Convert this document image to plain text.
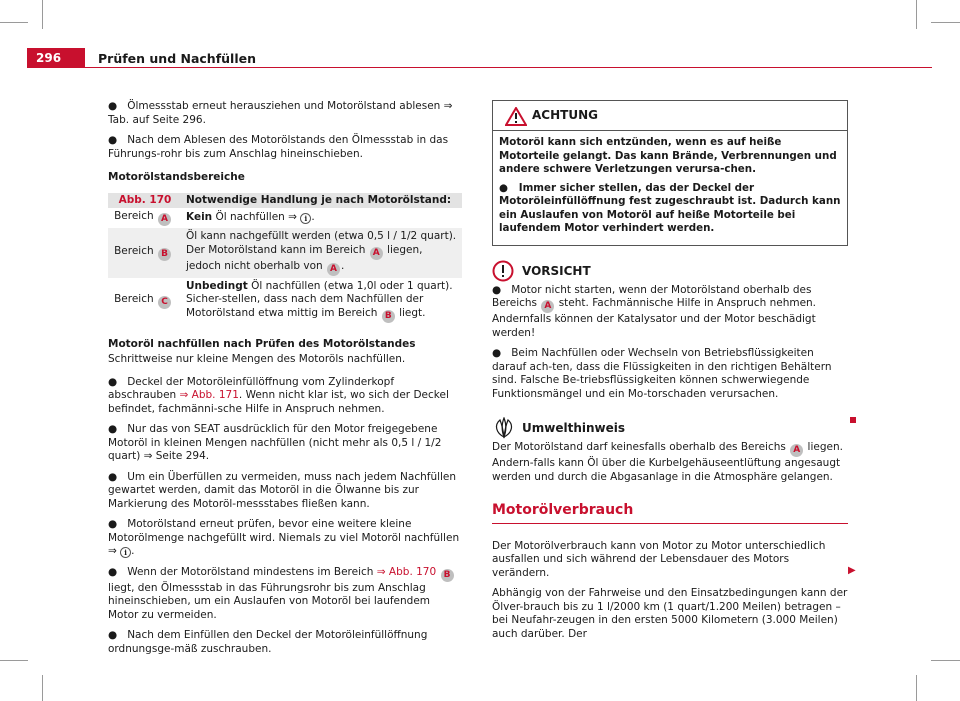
296	Prüfen und Nachfüllen

● Ölmessstab erneut herausziehen und Motorölstand ablesen ⇒ Tab. auf Seite 296.

● Nach dem Ablesen des Motorölstands den Ölmessstab in das Führungs-rohr bis zum Anschlag hineinschieben.

Motorölstandsbereiche

Abb. 170	Notwendige Handlung je nach Motorölstand:
Bereich A	Kein Öl nachfüllen ⇒ i .
Bereich B	Öl kann nachgefüllt werden (etwa 0,5 l / 1/2 quart). Der Motorölstand kann im Bereich A liegen, jedoch nicht oberhalb von A .
Bereich C	Unbedingt Öl nachfüllen (etwa 1,0l oder 1 quart). Sicher-stellen, dass nach dem Nachfüllen der Motorölstand etwa mittig im Bereich B liegt.

Motoröl nachfüllen nach Prüfen des Motorölstandes

Schrittweise nur kleine Mengen des Motoröls nachfüllen.

●   Deckel der Motoröleinfüllöffnung vom Zylinderkopf abschrauben ⇒ Abb. 171. Wenn nicht klar ist, wo sich der Deckel befindet, fachmänni-sche Hilfe in Anspruch nehmen.

●   Nur das von SEAT ausdrücklich für den Motor freigegebene Motoröl in kleinen Mengen nachfüllen (nicht mehr als 0,5 l / 1/2 quart) ⇒ Seite 294.

●   Um ein Überfüllen zu vermeiden, muss nach jedem Nachfüllen gewartet werden, damit das Motoröl in die Ölwanne bis zur Markierung des Motoröl-messstabes fließen kann.

●   Motorölstand erneut prüfen, bevor eine weitere kleine Motorölmenge nachgefüllt wird. Niemals zu viel Motoröl nachfüllen ⇒ i .

●   Wenn der Motorölstand mindestens im Bereich ⇒ Abb. 170 B liegt, den Ölmessstab in das Führungsrohr bis zum Anschlag hineinschieben, um ein Auslaufen von Motoröl bei laufendem Motor zu vermeiden.

●   Nach dem Einfüllen den Deckel der Motoröleinfüllöffnung ordnungsge-mäß zuschrauben.

ACHTUNG

Motoröl kann sich entzünden, wenn es auf heiße Motorteile gelangt. Das kann Brände, Verbrennungen und andere schwere Verletzungen verursa-chen.

●   Immer sicher stellen, das der Deckel der Motoröleinfüllöffnung fest zugeschraubt ist. Dadurch kann ein Auslaufen von Motoröl auf heiße Motorteile bei laufendem Motor verhindert werden.

VORSICHT

●   Motor nicht starten, wenn der Motorölstand oberhalb des Bereichs A steht. Fachmännische Hilfe in Anspruch nehmen. Andernfalls können der Katalysator und der Motor beschädigt werden!

●   Beim Nachfüllen oder Wechseln von Betriebsflüssigkeiten darauf ach-ten, dass die Flüssigkeiten in den richtigen Behältern sind. Falsche Be-triebsflüssigkeiten können schwerwiegende Funktionsmängel und ein Mo-torschaden verursachen.

Umwelthinweis

Der Motorölstand darf keinesfalls oberhalb des Bereichs A liegen. Andern-falls kann Öl über die Kurbelgehäuseentlüftung angesaugt werden und durch die Abgasanlage in die Atmosphäre gelangen.

Motorölverbrauch

Der Motorölverbrauch kann von Motor zu Motor unterschiedlich ausfallen und sich während der Lebensdauer des Motors verändern.

Abhängig von der Fahrweise und den Einsatzbedingungen kann der Ölver-brauch bis zu 1 l/2000 km (1 quart/1.200 Meilen) betragen – bei Neufahr-zeugen in den ersten 5000 Kilometern (3.000 Meilen) auch darüber. Der

▶
